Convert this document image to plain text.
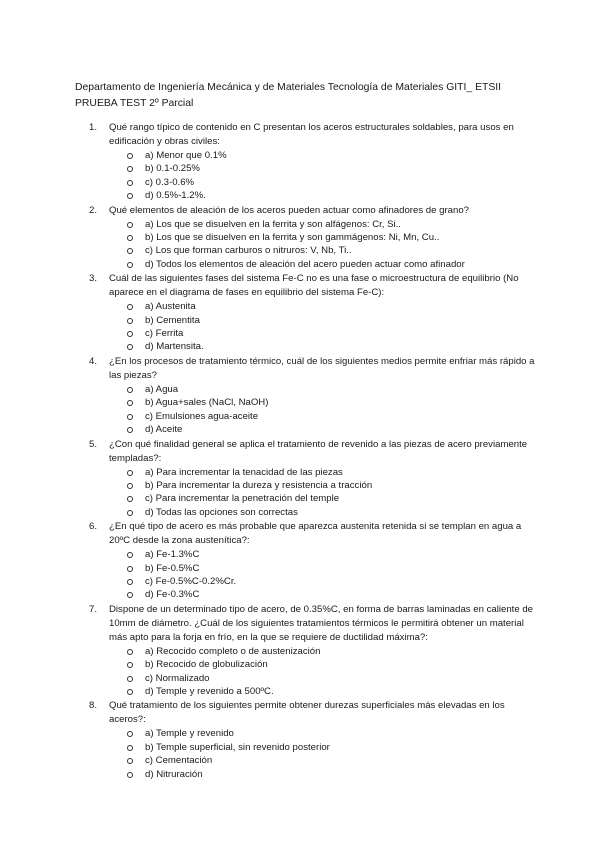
Departamento de Ingeniería Mecánica y de Materiales Tecnología de Materiales GITI_ ETSII
PRUEBA TEST 2º Parcial
1. Qué rango típico de contenido en C presentan los aceros estructurales soldables, para usos en edificación y obras civiles:
a) Menor que 0.1%
b) 0.1-0.25%
c) 0.3-0.6%
d) 0.5%-1.2%.
2. Qué elementos de aleación de los aceros pueden actuar como afinadores de grano?
a) Los que se disuelven en la ferrita y son alfágenos: Cr, Si..
b) Los que se disuelven en la ferrita y son gammágenos: Ni, Mn, Cu..
c) Los que forman carburos o nitruros: V, Nb, Ti..
d) Todos los elementos de aleación del acero pueden actuar como afinador
3. Cuál de las siguientes fases del sistema Fe-C no es una fase o microestructura de equilibrio (No aparece en el diagrama de fases en equilibrio del sistema Fe-C):
a) Austenita
b) Cementita
c) Ferrita
d) Martensita.
4. ¿En los procesos de tratamiento térmico, cuál de los siguientes medios permite enfriar más rápido a las piezas?
a) Agua
b) Agua+sales (NaCl, NaOH)
c) Emulsiones agua-aceite
d) Aceite
5. ¿Con qué finalidad general se aplica el tratamiento de revenido a las piezas de acero previamente templadas?:
a) Para incrementar la tenacidad de las piezas
b) Para incrementar la dureza y resistencia a tracción
c) Para incrementar la penetración del temple
d) Todas las opciones son correctas
6. ¿En qué tipo de acero es más probable que aparezca austenita retenida si se templan en agua a 20ºC desde la zona austenítica?:
a) Fe-1.3%C
b) Fe-0.5%C
c) Fe-0.5%C-0.2%Cr.
d) Fe-0.3%C
7. Dispone de un determinado tipo de acero, de 0.35%C, en forma de barras laminadas en caliente de 10mm de diámetro. ¿Cuál de los siguientes tratamientos térmicos le permitirá obtener un material más apto para la forja en frío, en la que se requiere de ductilidad máxima?:
a) Recocido completo o de austenización
b) Recocido de globulización
c) Normalizado
d) Temple y revenido a 500ºC.
8. Qué tratamiento de los siguientes permite obtener durezas superficiales más elevadas en los aceros?:
a) Temple y revenido
b) Temple superficial, sin revenido posterior
c) Cementación
d) Nitruración
